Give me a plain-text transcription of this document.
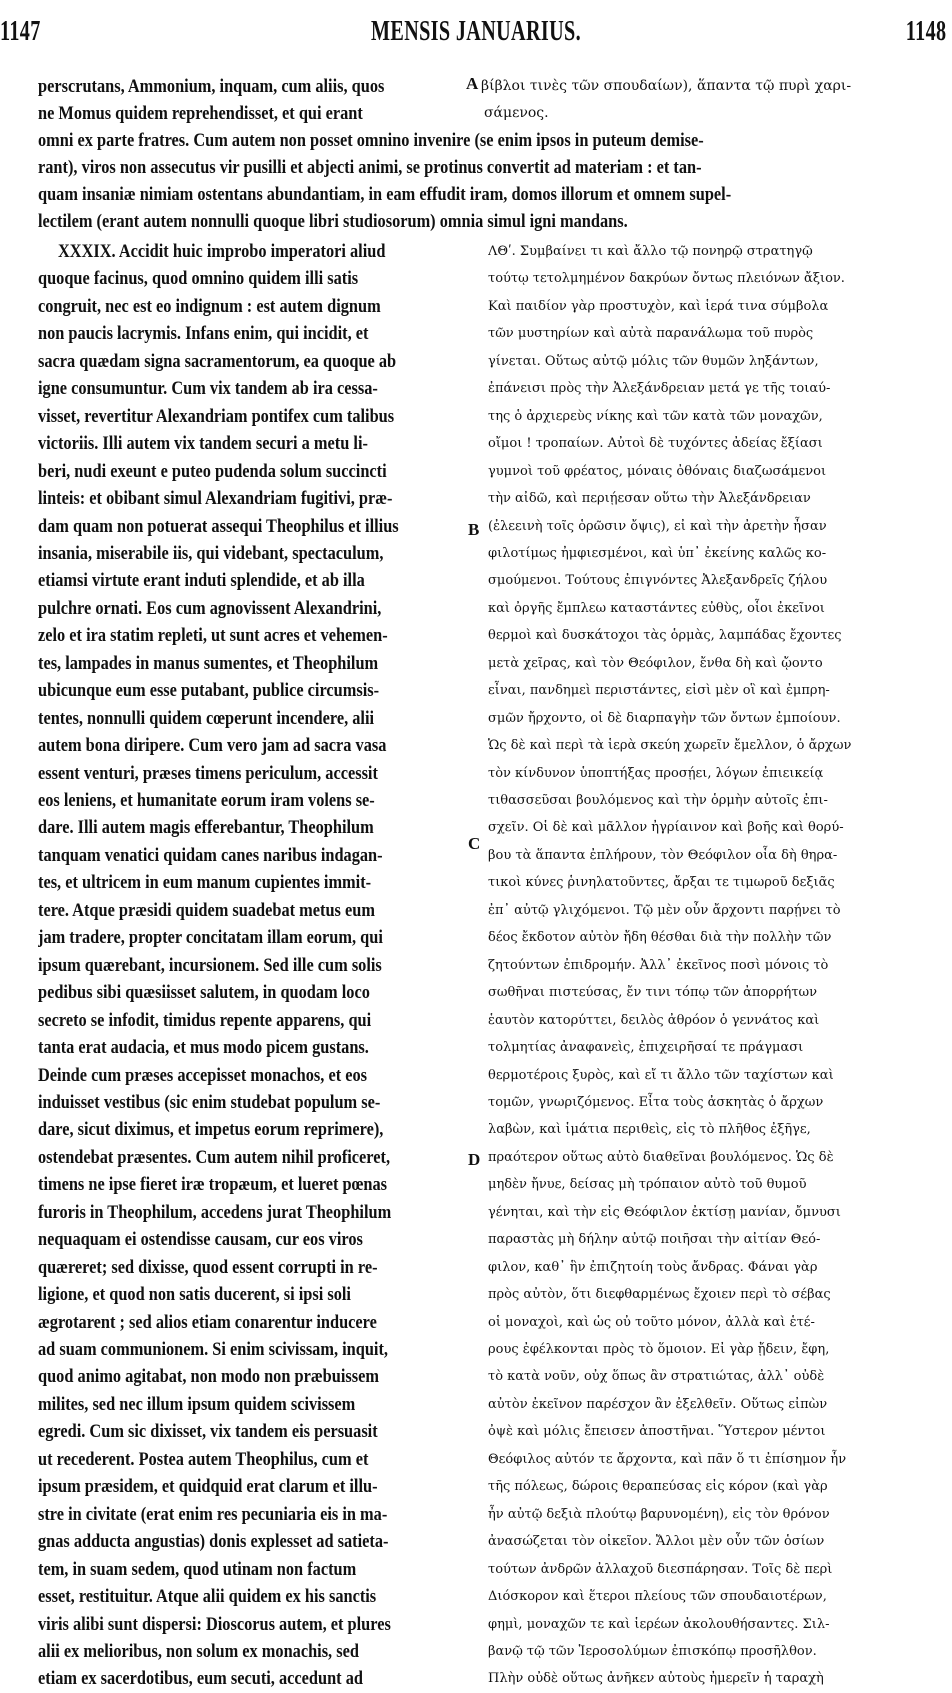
1147	MENSIS JANUARIUS.	1148
perscrutans, Ammonium, inquam, cum aliis, quos
ne Momus quidem reprehendisset, et qui erant
A βίβλοι τινὲς τῶν σπουδαίων), ἅπαντα τῷ πυρὶ χαρι-
σάμενος.
omni ex parte fratres. Cum autem non posset omnino invenire (se enim ipsos in puteum demise-
rant), viros non assecutus vir pusilli et abjecti animi, se protinus convertit ad materiam : et tan-
quam insaniæ nimiam ostentans abundantiam, in eam effudit iram, domos illorum et omnem supel-
lectilem (erant autem nonnulli quoque libri studiosorum) omnia simul igni mandans.
XXXIX. Accidit huic improbo imperatori aliud
quoque facinus, quod omnino quidem illi satis
congruit, nec est eo indignum : est autem dignum
non paucis lacrymis. Infans enim, qui incidit, et
sacra quædam signa sacramentorum, ea quoque ab
igne consumuntur. Cum vix tandem ab ira cessa-
visset, revertitur Alexandriam pontifex cum talibus
victoriis. Illi autem vix tandem securi a metu li-
beri, nudi exeunt e puteo pudenda solum succincti
linteis: et obibant simul Alexandriam fugitivi, præ-
dam quam non potuerat assequi Theophilus et illius
insania, miserabile iis, qui videbant, spectaculum,
etiamsi virtute erant induti splendide, et ab illa
pulchre ornati. Eos cum agnovissent Alexandrini,
zelo et ira statim repleti, ut sunt acres et vehemen-
tes, lampades in manus sumentes, et Theophilum
ubicunque eum esse putabant, publice circumsis-
tentes, nonnulli quidem cœperunt incendere, alii
autem bona diripere. Cum vero jam ad sacra vasa
essent venturi, præses timens periculum, accessit
eos leniens, et humanitate eorum iram volens se-
dare. Illi autem magis efferebantur, Theophilum
tanquam venatici quidam canes naribus indagan-
tes, et ultricem in eum manum cupientes immit-
tere. Atque præsidi quidem suadebat metus eum
jam tradere, propter concitatam illam eorum, qui
ipsum quærebant, incursionem. Sed ille cum solis
pedibus sibi quæsiisset salutem, in quodam loco
secreto se infodit, timidus repente apparens, qui
tanta erat audacia, et mus modo picem gustans.
Deinde cum præses accepisset monachos, et eos
induisset vestibus (sic enim studebat populum se-
dare, sicut diximus, et impetus eorum reprimere),
ostendebat præsentes. Cum autem nihil proficeret,
timens ne ipse fieret iræ tropæum, et lueret pœnas
furoris in Theophilum, accedens jurat Theophilum
nequaquam ei ostendisse causam, cur eos viros
quæreret; sed dixisse, quod essent corrupti in re-
ligione, et quod non satis ducerent, si ipsi soli
ægrotarent ; sed alios etiam conarentur inducere
ad suam communionem. Si enim scivissam, inquit,
quod animo agitabat, non modo non præbuissem
milites, sed nec illum ipsum quidem scivissem
egredi. Cum sic dixisset, vix tandem eis persuasit
ut recederent. Postea autem Theophilus, cum et
ipsum præsidem, et quidquid erat clarum et illu-
stre in civitate (erat enim res pecuniaria eis in ma-
gnas adducta angustias) donis explesset ad satieta-
tem, in suam sedem, quod utinam non factum
esset, restituitur. Atque alii quidem ex his sanctis
viris alibi sunt dispersi: Dioscorus autem, et plures
alii ex melioribus, non solum ex monachis, sed
etiam ex sacerdotibus, eum secuti, accedunt ad
ΛΘʹ. Συμβαίνει τι καὶ ἄλλο τῷ πονηρῷ στρατηγῷ
τούτῳ τετολμημένον δακρύων ὄντως πλειόνων ἄξιον.
Καὶ παιδίον γὰρ προστυχὸν, καὶ ἱερά τινα σύμβολα
τῶν μυστηρίων καὶ αὐτὰ παρανάλωμα τοῦ πυρὸς
γίνεται. Οὕτως αὐτῷ μόλις τῶν θυμῶν ληξάντων,
ἐπάνεισι πρὸς τὴν Ἀλεξάνδρειαν μετά γε τῆς τοιαύ-
της ὁ ἀρχιερεὺς νίκης καὶ τῶν κατὰ τῶν μοναχῶν,
οἴμοι ! τροπαίων. Αὐτοὶ δὲ τυχόντες ἀδείας ἔξίασι
γυμνοὶ τοῦ φρέατος, μόναις ὀθόναις διαζωσάμενοι
τὴν αἰδῶ, καὶ περιῄεσαν οὕτω τὴν Ἀλεξάνδρειαν
(ἐλεεινὴ τοῖς ὁρῶσιν ὄψις), εἰ καὶ τὴν ἀρετὴν ἦσαν
φιλοτίμως ἠμφιεσμένοι, καὶ ὑπ᾽ ἐκείνης καλῶς κο-
σμούμενοι. Τούτους ἐπιγνόντες Ἀλεξανδρεῖς ζήλου
καὶ ὀργῆς ἔμπλεω καταστάντες εὐθὺς, οἷοι ἐκεῖνοι
θερμοὶ καὶ δυσκάτοχοι τὰς ὁρμὰς, λαμπάδας ἔχοντες
μετὰ χεῖρας, καὶ τὸν Θεόφιλον, ἔνθα δὴ καὶ ᾤοντο
εἶναι, πανδημεὶ περιστάντες, εἰσὶ μὲν οἳ καὶ ἐμπρη-
σμῶν ἤρχοντο, οἱ δὲ διαρπαγὴν τῶν ὄντων ἐμποίουν.
Ὡς δὲ καὶ περὶ τὰ ἱερὰ σκεύη χωρεῖν ἔμελλον, ὁ ἄρχων
τὸν κίνδυνον ὑποπτήξας προσῄει, λόγων ἐπιεικείᾳ
τιθασσεῦσαι βουλόμενος καὶ τὴν ὁρμὴν αὐτοῖς ἐπι-
σχεῖν. Οἱ δὲ καὶ μᾶλλον ἠγρίαινον καὶ βοῆς καὶ θορύ-
βου τὰ ἅπαντα ἐπλήρουν, τὸν Θεόφιλον οἷα δὴ θηρα-
τικοὶ κύνες ῥινηλατοῦντες, ἄρξαι τε τιμωροῦ δεξιᾶς
ἐπ᾽ αὐτῷ γλιχόμενοι. Τῷ μὲν οὖν ἄρχοντι παρῄνει τὸ
δέος ἔκδοτον αὐτὸν ἤδη θέσθαι διὰ τὴν πολλὴν τῶν
ζητούντων ἐπιδρομήν. Ἀλλ᾽ ἐκεῖνος ποσὶ μόνοις τὸ
σωθῆναι πιστεύσας, ἔν τινι τόπῳ τῶν ἀπορρήτων
ἑαυτὸν κατορύττει, δειλὸς ἀθρόον ὁ γεννάτος καὶ
τολμητίας ἀναφανεὶς, ἐπιχειρῆσαί τε πράγμασι
θερμοτέροις ξυρὸς, καὶ εἴ τι ἄλλο τῶν ταχίστων καὶ
τομῶν, γνωριζόμενος. Εἶτα τοὺς ἀσκητὰς ὁ ἄρχων
λαβὼν, καὶ ἱμάτια περιθεὶς, εἰς τὸ πλῆθος ἐξῆγε,
πραότερον οὕτως αὐτὸ διαθεῖναι βουλόμενος. Ὡς δὲ
μηδὲν ἤνυε, δείσας μὴ τρόπαιον αὐτὸ τοῦ θυμοῦ
γένηται, καὶ τὴν εἰς Θεόφιλον ἐκτίσῃ μανίαν, ὄμνυσι
παραστὰς μὴ δήλην αὐτῷ ποιῆσαι τὴν αἰτίαν Θεό-
φιλον, καθ᾽ ἣν ἐπιζητοίη τοὺς ἄνδρας. Φάναι γὰρ
πρὸς αὐτὸν, ὅτι διεφθαρμένως ἔχοιεν περὶ τὸ σέβας
οἱ μοναχοὶ, καὶ ὡς οὐ τοῦτο μόνον, ἀλλὰ καὶ ἑτέ-
ρους ἐφέλκονται πρὸς τὸ ὅμοιον. Εἰ γὰρ ᾔδειν, ἔφη,
τὸ κατὰ νοῦν, οὐχ ὅπως ἂν στρατιώτας, ἀλλ᾽ οὐδὲ
αὐτὸν ἐκεῖνον παρέσχον ἂν ἐξελθεῖν. Οὕτως εἰπὼν
ὀψὲ καὶ μόλις ἔπεισεν ἀποστῆναι. Ὕστερον μέντοι
Θεόφιλος αὐτόν τε ἄρχοντα, καὶ πᾶν ὅ τι ἐπίσημον ἦν
τῆς πόλεως, δώροις θεραπεύσας εἰς κόρον (καὶ γὰρ
ἦν αὐτῷ δεξιὰ πλούτῳ βαρυνομένη), εἰς τὸν θρόνον
ἀνασώζεται τὸν οἰκεῖον. Ἄλλοι μὲν οὖν τῶν ὁσίων
τούτων ἀνδρῶν ἀλλαχοῦ διεσπάρησαν. Τοῖς δὲ περὶ
Διόσκορον καὶ ἕτεροι πλείους τῶν σπουδαιοτέρων,
φημὶ, μοναχῶν τε καὶ ἱερέων ἀκολουθήσαντες. Σιλ-
βανῷ τῷ τῶν Ἱεροσολύμων ἐπισκόπῳ προσῆλθον.
Πλὴν οὐδὲ οὕτως ἀνῆκεν αὐτοὺς ἠμερεῖν ἡ ταραχὴ
B
C
D
